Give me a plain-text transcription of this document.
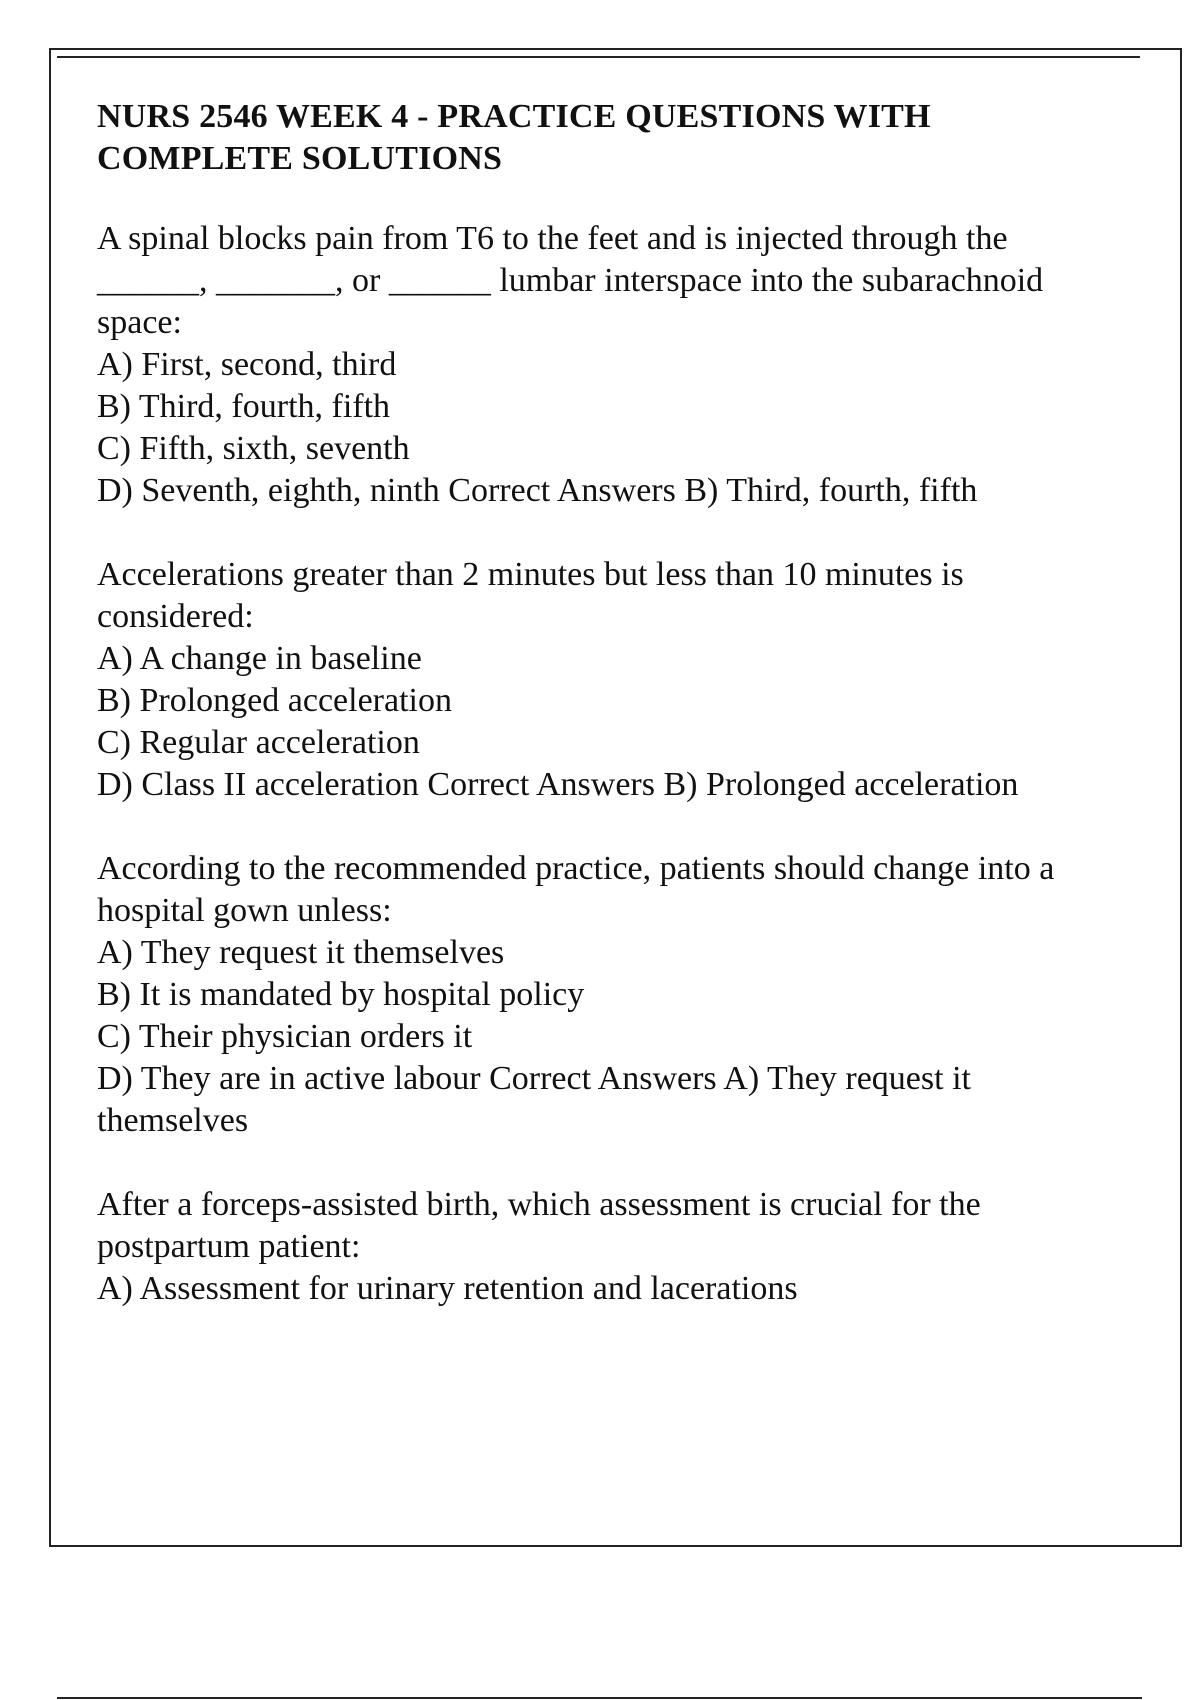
NURS 2546 WEEK 4 - PRACTICE QUESTIONS WITH COMPLETE SOLUTIONS

A spinal blocks pain from T6 to the feet and is injected through the ______, _______, or ______ lumbar interspace into the subarachnoid space:

A) First, second, third

B) Third, fourth, fifth

C) Fifth, sixth, seventh

D) Seventh, eighth, ninth Correct Answers B) Third, fourth, fifth

Accelerations greater than 2 minutes but less than 10 minutes is considered:

A) A change in baseline

B) Prolonged acceleration

C) Regular acceleration

D) Class II acceleration Correct Answers B) Prolonged acceleration

According to the recommended practice, patients should change into a hospital gown unless:

A) They request it themselves

B) It is mandated by hospital policy

C) Their physician orders it

D) They are in active labour Correct Answers A) They request it themselves

After a forceps-assisted birth, which assessment is crucial for the postpartum patient:

A) Assessment for urinary retention and lacerations
